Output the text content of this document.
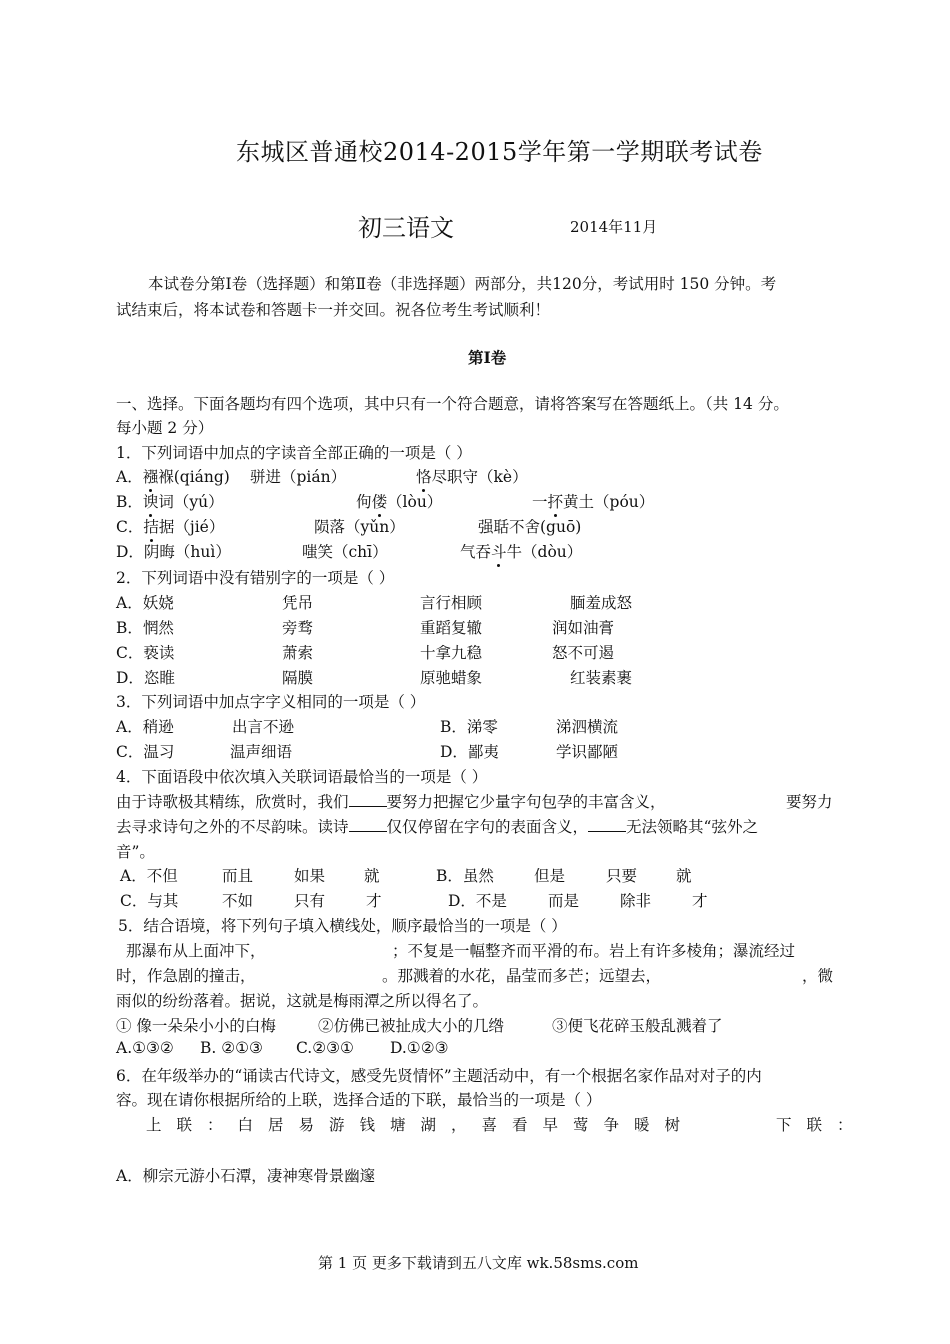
东城区普通校2014-2015学年第一学期联考试卷
初三语文	2014年11月
本试卷分第Ⅰ卷（选择题）和第Ⅱ卷（非选择题）两部分，共120分，考试用时 150 分钟。考
试结束后，将本试卷和答题卡一并交回。祝各位考生考试顺利！
第Ⅰ卷
一、选择。下面各题均有四个选项，其中只有一个符合题意，请将答案写在答题纸上。（共 14 分。
每小题 2 分）
1．下列词语中加点的字读音全部正确的一项是（ ）
A．襁褓(qiáng) 骈进（pián）	恪尽职守（kè）
B．谀词（yú）	佝偻（lòu）	一抔黄土（póu）
C．拮据（jié）	陨落（yǔn）	强聒不舍(guō)
D．阴晦（huì）	嗤笑（chī）	气吞斗牛（dòu）
2．下列词语中没有错别字的一项是（ ）
A．妖娆	凭吊	言行相顾	腼羞成怒
B．惘然	旁骛	重蹈复辙	润如油膏
C．亵读	萧索	十拿九稳	怒不可遏
D．恣睢	隔膜	原驰蜡象	红装素裹
3．下列词语中加点字字义相同的一项是（ ）
A．稍逊	出言不逊	B．涕零	涕泗横流
C．温习	温声细语	D．鄙夷	学识鄙陋
4．下面语段中依次填入关联词语最恰当的一项是（ ）
由于诗歌极其精练，欣赏时，我们 要努力把握它少量字句包孕的丰富含义，	要努力
去寻求诗句之外的不尽韵味。读诗 仅仅停留在字句的表面含义， 无法领略其“弦外之
音”。
A．不但	而且	如果	就	B．虽然	但是	只要	就
C．与其	不如	只有	才	D．不是	而是	除非	才
5．结合语境，将下列句子填入横线处，顺序最恰当的一项是（ ）
那瀑布从上面冲下，	；不复是一幅整齐而平滑的布。岩上有许多棱角；瀑流经过
时，作急剧的撞击，	。那溅着的水花，晶莹而多芒；远望去，	，微
雨似的纷纷落着。据说，这就是梅雨潭之所以得名了。
① 像一朵朵小小的白梅	②仿佛已被扯成大小的几绺	③便飞花碎玉般乱溅着了
A.①③② B. ②①③ C.②③① D.①②③
6．在年级举办的“诵读古代诗文，感受先贤情怀”主题活动中，有一个根据名家作品对对子的内
容。现在请你根据所给的上联，选择合适的下联，最恰当的一项是（ ）
上联：白居易游钱塘湖，喜看早莺争暖树	下联：
A．柳宗元游小石潭，凄神寒骨景幽邃
第 1 页 更多下载请到五八文库 wk.58sms.com
